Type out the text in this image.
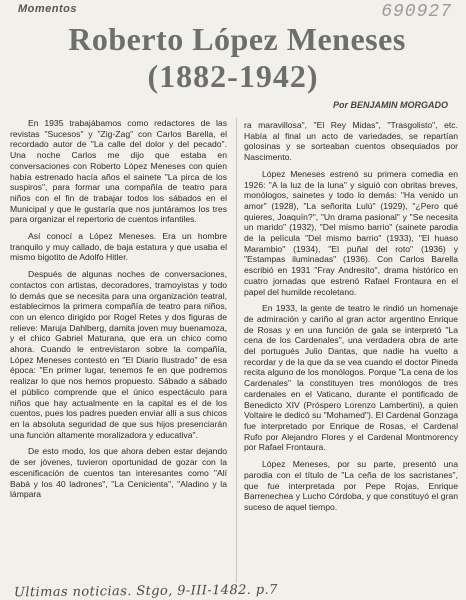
Momentos	690927
Roberto López Meneses
(1882-1942)
Por BENJAMIN MORGADO

En 1935 trabajábamos como redactores de las revistas "Sucesos" y "Zig-Zag" con Carlos Barella, el recordado autor de "La calle del dolor y del pecado". Una noche Carlos me dijo que estaba en conversaciones con Roberto López Meneses con quien había estrenado hacía años el sainete "La pirca de los suspiros", para formar una compañía de teatro para niños con el fin de trabajar todos los sábados en el Municipal y que le gustaría que nos juntáramos los tres para organizar el repertorio de cuentos infantiles.

Así conocí a López Meneses. Era un hombre tranquilo y muy callado, de baja estatura y que usaba el mismo bigotito de Adolfo Hitler.

Después de algunas noches de conversaciones, contactos con artistas, decoradores, tramoyistas y todo lo demás que se necesita para una organización teatral, establecimos la primera compañía de teatro para niños, con un elenco dirigido por Rogel Retes y dos figuras de relieve: Maruja Dahlberg, damita joven muy buenamoza, y el chico Gabriel Maturana, que era un chico como ahora. Cuando le entrevistaron sobre la compañía, López Meneses contestó en "El Diario Ilustrado" de esa época: "En primer lugar, tenemos fe en que podremos realizar lo que nos hemos propuesto. Sábado a sábado el público comprende que el único espectáculo para niños que hay actualmente en la capital es el de los cuentos, pues los padres pueden enviar allí a sus chicos en la absoluta seguridad de que sus hijos presenciarán una función altamente moralizadora y educativa".

De esto modo, los que ahora deben estar dejando de ser jóvenes, tuvieron oportunidad de gozar con la escenificación de cuentos tan interesantes como "Alí Babá y los 40 ladrones", "La Cenicienta", "Aladino y la lámpara

ra maravillosa", "El Rey Midas", "Trasgolisto", etc. Había al final un acto de variedades, se repartían golosinas y se sorteaban cuentos obsequiados por Nascimento.

López Meneses estrenó su primera comedia en 1926: "A la luz de la luna" y siguió con obritas breves, monólogos, sainetes y todo lo demás: "Ha venido un amor" (1928), "La señorita Lulú" (1929), "¿Pero qué quieres, Joaquín?", "Un drama pasional" y "Se necesita un marido" (1932), "Del mismo barrio" (sainete parodia de la película "Del mismo barrio" (1933), "El huaso Marambio" (1934), "El puñal del roto" (1936) y "Estampas iluminadas" (1936). Con Carlos Barella escribió en 1931 "Fray Andresito", drama histórico en cuatro jornadas que estrenó Rafael Frontaura en el papel del humilde recoletano.

En 1933, la gente de teatro le rindió un homenaje de admiración y cariño al gran actor argentino Enrique de Rosas y en una función de gala se interpretó "La cena de los Cardenales", una verdadera obra de arte del portugués Julio Dantas, que nadie ha vuelto a recordar y de la que da se vea cuando el doctor Pineda recita alguno de los monólogos. Porque "La cena de los Cardenales" la constituyen tres monólogos de tres cardenales en el Vaticano, durante el pontificado de Benedicto XIV (Próspero Lorenzo Lambertini), a quien Voltaire le dedicó su "Mohamed"). El Cardenal Gonzaga fue interpretado por Enrique de Rosas, el Cardenal Rufo por Alejandro Flores y el Cardenal Montmorency por Rafael Frontaura.

López Meneses, por su parte, presentó una parodia con el título de "La ceña de los sacristanes", que fue interpretada por Pepe Rojas, Enrique Barrenechea y Lucho Córdoba, y que constituyó el gran suceso de aquel tiempo.

Ultimas noticias. Stgo, 9-III-1482. p.7
